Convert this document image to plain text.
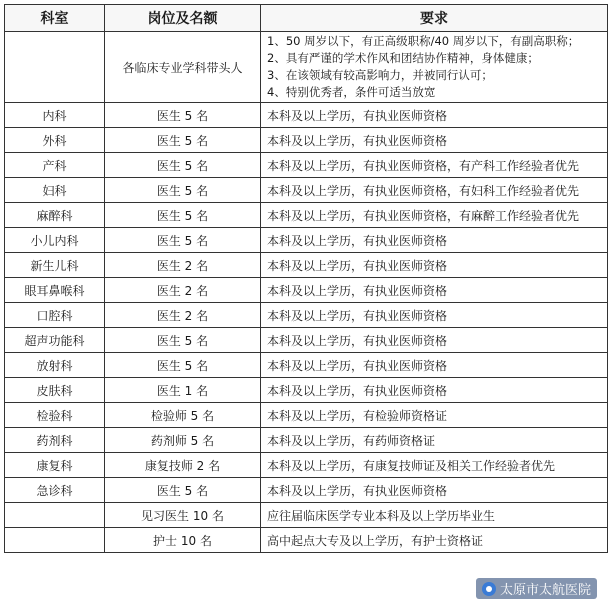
科室	岗位及名额	要求
	各临床专业学科带头人	1、50 周岁以下，有正高级职称/40 周岁以下，有副高职称；
2、具有严谨的学术作风和团结协作精神，身体健康；
3、在该领域有较高影响力，并被同行认可；
4、特别优秀者，条件可适当放宽

内科	医生 5 名	本科及以上学历，有执业医师资格
外科	医生 5 名	本科及以上学历，有执业医师资格
产科	医生 5 名	本科及以上学历，有执业医师资格，有产科工作经验者优先
妇科	医生 5 名	本科及以上学历，有执业医师资格，有妇科工作经验者优先
麻醉科	医生 5 名	本科及以上学历，有执业医师资格，有麻醉工作经验者优先
小儿内科	医生 5 名	本科及以上学历，有执业医师资格
新生儿科	医生 2 名	本科及以上学历，有执业医师资格
眼耳鼻喉科	医生 2 名	本科及以上学历，有执业医师资格
口腔科	医生 2 名	本科及以上学历，有执业医师资格
超声功能科	医生 5 名	本科及以上学历，有执业医师资格
放射科	医生 5 名	本科及以上学历，有执业医师资格
皮肤科	医生 1 名	本科及以上学历，有执业医师资格
检验科	检验师 5 名	本科及以上学历，有检验师资格证
药剂科	药剂师 5 名	本科及以上学历，有药师资格证
康复科	康复技师 2 名	本科及以上学历，有康复技师证及相关工作经验者优先
急诊科	医生 5 名	本科及以上学历，有执业医师资格
	见习医生 10 名	应往届临床医学专业本科及以上学历毕业生
	护士 10 名	高中起点大专及以上学历，有护士资格证
太原市太航医院
